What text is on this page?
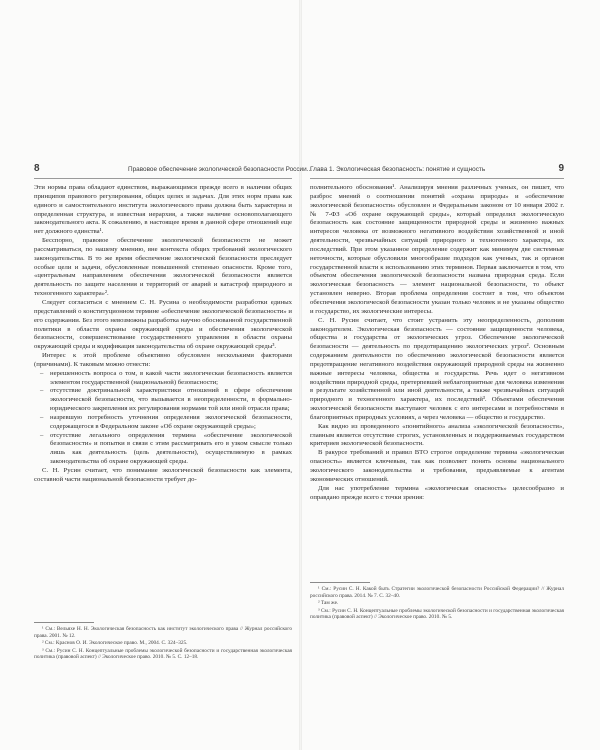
8	Правовое обеспечение экологической безопасности России...

Эти нормы права обладают единством, выражающимся прежде всего в наличии общих принципов правового регулирования, общих целях и задачах. Для этих норм права как единого и самостоятельного института экологического права должна быть характерна и определенная структура, и известная иерархия, а также наличие основополагающего законодательного акта. К сожалению, в настоящее время в данной сфере отношений еще нет должного единства¹.

Бесспорно, правовое обеспечение экологической безопасности не может рассматриваться, по нашему мнению, вне контекста общих требований экологического законодательства. В то же время обеспечение экологической безопасности преследует особые цели и задачи, обусловленные повышенной степенью опасности. Кроме того, «центральным направлением обеспечения экологической безопасности является деятельность по защите населения и территорий от аварий и катастроф природного и техногенного характера»².

Следует согласиться с мнением С. Н. Русина о необходимости разработки единых представлений о конституционном термине «обеспечение экологической безопасности» и его содержании. Без этого невозможны разработка научно обоснованной государственной политики в области охраны окружающей среды и обеспечения экологической безопасности, совершенствование государственного управления в области охраны окружающей среды и кодификация законодательства об охране окружающей среды³.

Интерес к этой проблеме объективно обусловлен несколькими факторами (причинами). К таковым можно отнести:

– нерешенность вопроса о том, в какой части экологическая безопасность является элементом государственной (национальной) безопасности;
– отсутствие доктринальной характеристики отношений в сфере обеспечения экологической безопасности, что вызывается в неопределенности, в формально-юридического закрепления их регулирования нормами той или иной отрасли права;
– назревшую потребность уточнения определения экологической безопасности, содержащегося в Федеральном законе «Об охране окружающей среды»;
– отсутствие легального определения термина «обеспечение экологической безопасности» и попытки в связи с этим рассматривать его в узком смысле только лишь как деятельность (цель деятельности), осуществляемую в рамках законодательства об охране окружающей среды.

С. Н. Русин считает, что понимание экологической безопасности как элемента, составной части национальной безопасности требует до-

¹ См.: Вельяхе Н. Н. Экологическая безопасность как институт экологического права // Журнал российского права. 2001. № 12.

² См.: Краснов О. И. Экологическое право. М., 2004. С. 324–325.

³ См.: Русин С. Н. Концептуальные проблемы экологической безопасности и государственная экологическая политика (правовой аспект) // Экологическое право. 2010. № 5. С. 12–18.

Глава 1. Экологическая безопасность: понятие и сущность	9

полнительного обоснования¹. Анализируя мнения различных ученых, он пишет, что разброс мнений о соотношении понятий «охрана природы» и «обеспечение экологической безопасности» обусловлен и Федеральным законом от 10 января 2002 г. № 7-ФЗ «Об охране окружающей среды», который определил экологическую безопасность как состояние защищенности природной среды и жизненно важных интересов человека от возможного негативного воздействия хозяйственной и иной деятельности, чрезвычайных ситуаций природного и техногенного характера, их последствий. При этом указанное определение содержит как минимум две системные неточности, которые обусловили многообразие подходов как ученых, так и органов государственной власти к использованию этих терминов. Первая заключается в том, что объектом обеспечения экологической безопасности названа природная среда. Если экологическая безопасность — элемент национальной безопасности, то объект установлен неверно. Вторая проблема определения состоит в том, что объектом обеспечения экологической безопасности указан только человек и не указаны общество и государство, их экологические интересы.

С. Н. Русин считает, что стоит устранить эту неопределенность, дополнив законодателем. Экологическая безопасность — состояние защищенности человека, общества и государства от экологических угроз. Обеспечение экологической безопасности — деятельность по предотвращению экологических угроз². Основным содержанием деятельности по обеспечению экологической безопасности является предотвращение негативного воздействия окружающей природной среды на жизненно важные интересы человека, общества и государства. Речь идет о негативном воздействии природной среды, претерпевшей неблагоприятные для человека изменения в результате хозяйственной или иной деятельности, а также чрезвычайных ситуаций природного и техногенного характера, их последствий³. Объектами обеспечения экологической безопасности выступают человек с его интересами и потребностями в благоприятных природных условиях, а через человека — общество и государство.

Как видно из проведенного «понятийного» анализа «экологической безопасности», главным является отсутствие строгих, установленных и поддерживаемых государством критериев экологической безопасности.

В ракурсе требований и правил ВТО строгое определение термина «экологическая опасность» является ключевым, так как позволяет понять основы национального экологического законодательства и требования, предъявляемые к агентам экономических отношений.

Для нас употребление термина «экологическая опасность» целесообразно и оправдано прежде всего с точки зрения:

¹ См.: Русин С. Н. Какой быть Стратегии экологической безопасности Российской Федерации? // Журнал российского права. 2014. № 7. С. 32–40.

² Там же.

³ См.: Русин С. Н. Концептуальные проблемы экологической безопасности и государственная экологическая политика (правовой аспект) // Экологическое право. 2010. № 5.
